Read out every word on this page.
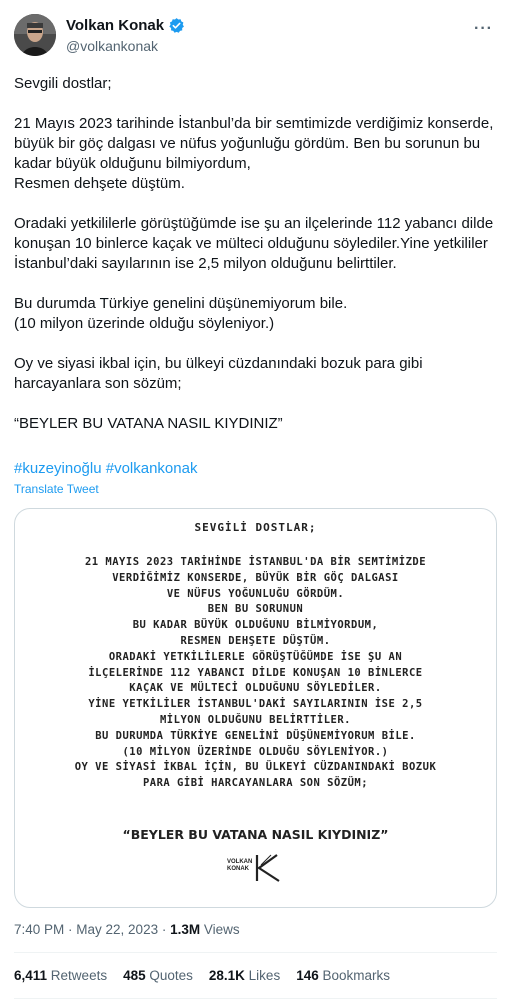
Volkan Konak
@volkankonak
···

Sevgili dostlar;

21 Mayıs 2023 tarihinde İstanbul’da bir semtimizde verdiğimiz konserde,
büyük bir göç dalgası ve nüfus yoğunluğu gördüm. Ben bu sorunun bu
kadar büyük olduğunu bilmiyordum,
Resmen dehşete düştüm.

Oradaki yetkililerle görüştüğümde ise şu an ilçelerinde 112 yabancı dilde
konuşan 10 binlerce kaçak ve mülteci olduğunu söylediler.Yine yetkililer
İstanbul’daki sayılarının ise 2,5 milyon olduğunu belirttiler.

Bu durumda Türkiye genelini düşünemiyorum bile.
(10 milyon üzerinde olduğu söyleniyor.)

Oy ve siyasi ikbal için, bu ülkeyi cüzdanındaki bozuk para gibi
harcayanlara son sözüm;

“BEYLER BU VATANA NASIL KIYDINIZ”

#kuzeyinoğlu #volkankonak
Translate Tweet
SEVGİLİ DOSTLAR;
21 MAYIS 2023 TARİHİNDE İSTANBUL'DA BİR SEMTİMİZDE
VERDİĞİMİZ KONSERDE, BÜYÜK BİR GÖÇ DALGASI
VE NÜFUS YOĞUNLUĞU GÖRDÜM.
BEN BU SORUNUN
BU KADAR BÜYÜK OLDUĞUNU BİLMİYORDUM,
RESMEN DEHŞETE DÜŞTÜM.
ORADAKİ YETKİLİLERLE GÖRÜŞTÜĞÜMDE İSE ŞU AN
İLÇELERİNDE 112 YABANCI DİLDE KONUŞAN 10 BİNLERCE
KAÇAK VE MÜLTECİ OLDUĞUNU SÖYLEDİLER.
YİNE YETKİLİLER İSTANBUL'DAKİ SAYILARININ İSE 2,5
MİLYON OLDUĞUNU BELİRTTİLER.
BU DURUMDA TÜRKİYE GENELİNİ DÜŞÜNEMİYORUM BİLE.
(10 MİLYON ÜZERİNDE OLDUĞU SÖYLENİYOR.)
OY VE SİYASİ İKBAL İÇİN, BU ÜLKEYİ CÜZDANINDAKİ BOZUK
PARA GİBİ HARCAYANLARA SON SÖZÜM;
“BEYLER BU VATANA NASIL KIYDINIZ”
VOLKAN
KONAK
7:40 PM · May 22, 2023 · 1.3M Views
6,411 Retweets 485 Quotes 28.1K Likes 146 Bookmarks
